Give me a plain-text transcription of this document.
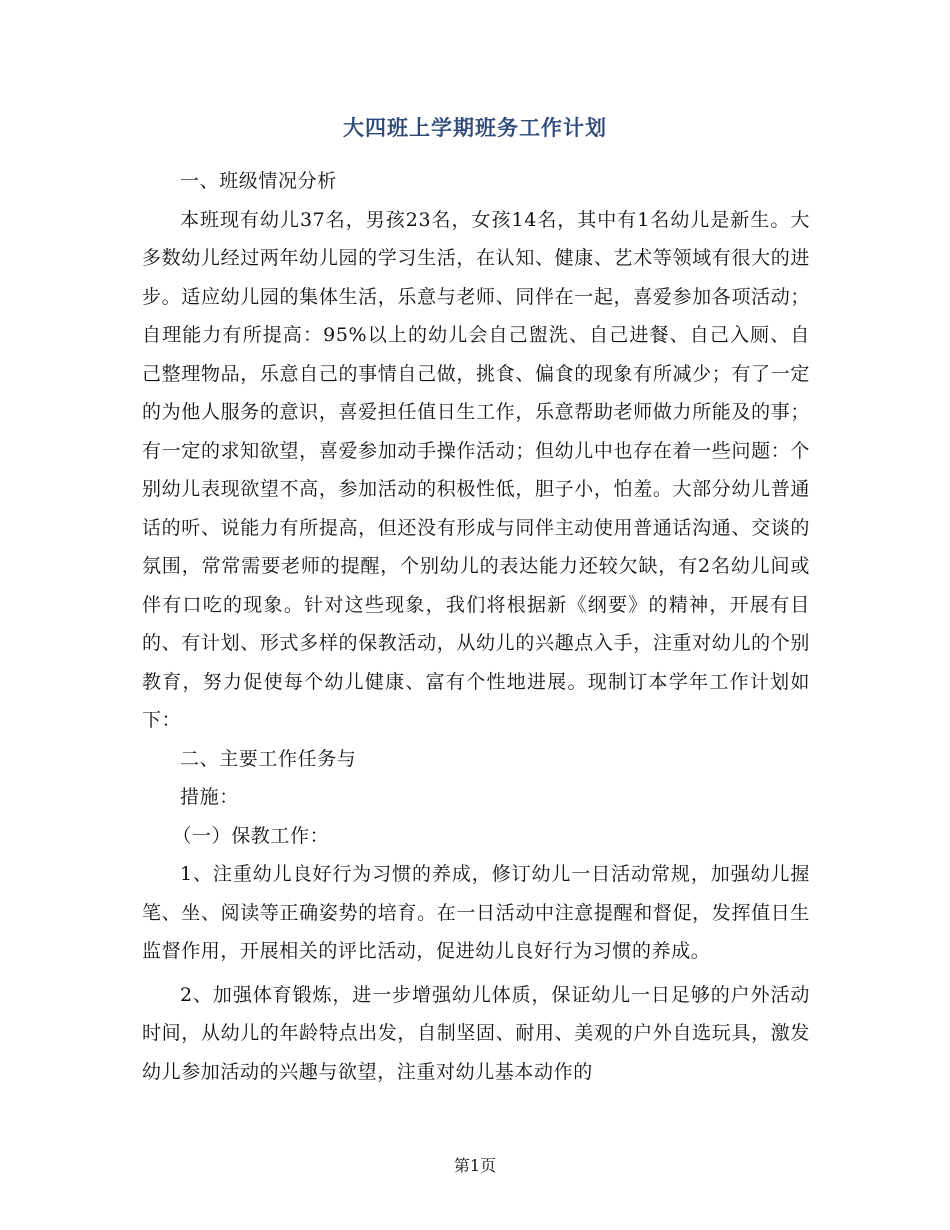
大四班上学期班务工作计划

一、班级情况分析

本班现有幼儿37名，男孩23名，女孩14名，其中有1名幼儿是新生。大多数幼儿经过两年幼儿园的学习生活，在认知、健康、艺术等领域有很大的进步。适应幼儿园的集体生活，乐意与老师、同伴在一起，喜爱参加各项活动；自理能力有所提高：95%以上的幼儿会自己盥洗、自己进餐、自己入厕、自己整理物品，乐意自己的事情自己做，挑食、偏食的现象有所减少；有了一定的为他人服务的意识，喜爱担任值日生工作，乐意帮助老师做力所能及的事；有一定的求知欲望，喜爱参加动手操作活动；但幼儿中也存在着一些问题：个别幼儿表现欲望不高，参加活动的积极性低，胆子小，怕羞。大部分幼儿普通话的听、说能力有所提高，但还没有形成与同伴主动使用普通话沟通、交谈的氛围，常常需要老师的提醒，个别幼儿的表达能力还较欠缺，有2名幼儿间或伴有口吃的现象。针对这些现象，我们将根据新《纲要》的精神，开展有目的、有计划、形式多样的保教活动，从幼儿的兴趣点入手，注重对幼儿的个别教育，努力促使每个幼儿健康、富有个性地进展。现制订本学年工作计划如下：

二、主要工作任务与

措施：

（一）保教工作：

1、注重幼儿良好行为习惯的养成，修订幼儿一日活动常规，加强幼儿握笔、坐、阅读等正确姿势的培育。在一日活动中注意提醒和督促，发挥值日生监督作用，开展相关的评比活动，促进幼儿良好行为习惯的养成。

2、加强体育锻炼，进一步增强幼儿体质，保证幼儿一日足够的户外活动时间，从幼儿的年龄特点出发，自制坚固、耐用、美观的户外自选玩具，激发幼儿参加活动的兴趣与欲望，注重对幼儿基本动作的

第1页
